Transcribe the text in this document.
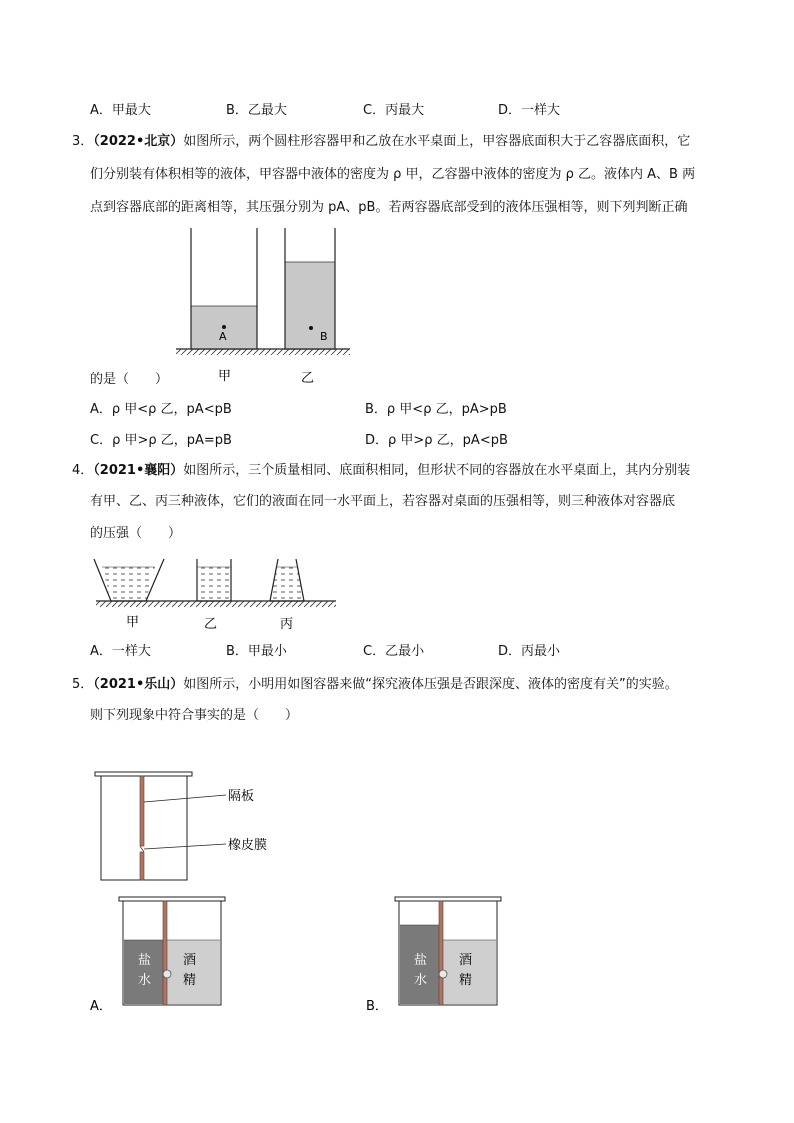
A．甲最大	B．乙最大	C．丙最大	D．一样大
3．（2022•北京）如图所示，两个圆柱形容器甲和乙放在水平桌面上，甲容器底面积大于乙容器底面积，它
们分别装有体积相等的液体，甲容器中液体的密度为 ρ 甲，乙容器中液体的密度为 ρ 乙。液体内 A、B 两
点到容器底部的距离相等，其压强分别为 pA、pB。若两容器底部受到的液体压强相等，则下列判断正确
A	B
甲	乙
的是（　　）
A．ρ 甲<ρ 乙，pA<pB	B．ρ 甲<ρ 乙，pA>pB
C．ρ 甲>ρ 乙，pA=pB	D．ρ 甲>ρ 乙，pA<pB
4．（2021•襄阳）如图所示，三个质量相同、底面积相同，但形状不同的容器放在水平桌面上，其内分别装
有甲、乙、丙三种液体，它们的液面在同一水平面上，若容器对桌面的压强相等，则三种液体对容器底
的压强（　　）
甲	乙	丙
A．一样大	B．甲最小	C．乙最小	D．丙最小
5．（2021•乐山）如图所示，小明用如图容器来做“探究液体压强是否跟深度、液体的密度有关”的实验。
则下列现象中符合事实的是（　　）
隔板
橡皮膜
盐
水
酒
精
A．
盐
水
酒
精
B．
